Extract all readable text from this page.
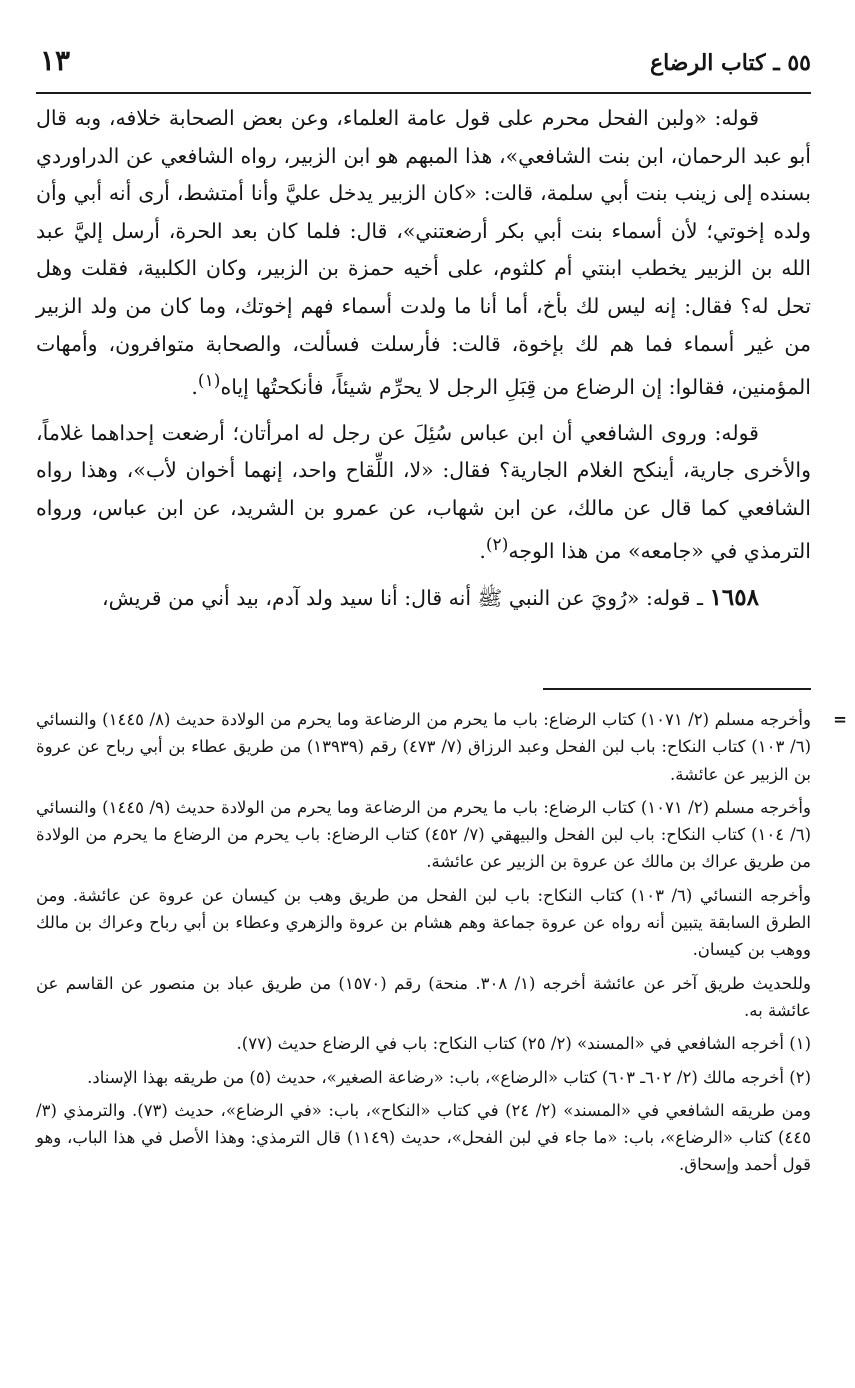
١٣	٥٥ ـ كتاب الرضاع

قوله: «ولبن الفحل محرم على قول عامة العلماء، وعن بعض الصحابة خلافه، وبه قال أبو عبد الرحمان، ابن بنت الشافعي»، هذا المبهم هو ابن الزبير، رواه الشافعي عن الدراوردي بسنده إلى زينب بنت أبي سلمة، قالت: «كان الزبير يدخل عليَّ وأنا أمتشط، أرى أنه أبي وأن ولده إخوتي؛ لأن أسماء بنت أبي بكر أرضعتني»، قال: فلما كان بعد الحرة، أرسل إليَّ عبد الله بن الزبير يخطب ابنتي أم كلثوم، على أخيه حمزة بن الزبير، وكان الكلبية، فقلت وهل تحل له؟ فقال: إنه ليس لك بأخ، أما أنا ما ولدت أسماء فهم إخوتك، وما كان من ولد الزبير من غير أسماء فما هم لك بإخوة، قالت: فأرسلت فسألت، والصحابة متوافرون، وأمهات المؤمنين، فقالوا: إن الرضاع من قِبَلِ الرجل لا يحرِّم شيئاً، فأنكحتُها إياه$^{(١)}$.

قوله: وروى الشافعي أن ابن عباس سُئِلَ عن رجل له امرأتان؛ أرضعت إحداهما غلاماً، والأخرى جارية، أينكح الغلام الجارية؟ فقال: «لا، اللِّقاح واحد، إنهما أخوان لأب»، وهذا رواه الشافعي كما قال عن مالك، عن ابن شهاب، عن عمرو بن الشريد، عن ابن عباس، ورواه الترمذي في «جامعه» من هذا الوجه$^{(٢)}$.

١٦٥٨ ـ قوله: «رُويَ عن النبي ﷺ أنه قال: أنا سيد ولد آدم، بيد أني من قريش،

=

وأخرجه مسلم (٢/ ١٠٧١) كتاب الرضاع: باب ما يحرم من الرضاعة وما يحرم من الولادة حديث (٨/ ١٤٤٥) والنسائي (٦/ ١٠٣) كتاب النكاح: باب لبن الفحل وعبد الرزاق (٧/ ٤٧٣) رقم (١٣٩٣٩) من طريق عطاء بن أبي رباح عن عروة بن الزبير عن عائشة.

وأخرجه مسلم (٢/ ١٠٧١) كتاب الرضاع: باب ما يحرم من الرضاعة وما يحرم من الولادة حديث (٩/ ١٤٤٥) والنسائي (٦/ ١٠٤) كتاب النكاح: باب لبن الفحل والبيهقي (٧/ ٤٥٢) كتاب الرضاع: باب يحرم من الرضاع ما يحرم من الولادة من طريق عراك بن مالك عن عروة بن الزبير عن عائشة.

وأخرجه النسائي (٦/ ١٠٣) كتاب النكاح: باب لبن الفحل من طريق وهب بن كيسان عن عروة عن عائشة. ومن الطرق السابقة يتبين أنه رواه عن عروة جماعة وهم هشام بن عروة والزهري وعطاء بن أبي رباح وعراك بن مالك ووهب بن كيسان.

وللحديث طريق آخر عن عائشة أخرجه (١/ ٣٠٨. منحة) رقم (١٥٧٠) من طريق عباد بن منصور عن القاسم عن عائشة به.

(١) أخرجه الشافعي في «المسند» (٢/ ٢٥) كتاب النكاح: باب في الرضاع حديث (٧٧).

(٢) أخرجه مالك (٢/ ٦٠٢ـ ٦٠٣) كتاب «الرضاع»، باب: «رضاعة الصغير»، حديث (٥) من طريقه بهذا الإسناد.

ومن طريقه الشافعي في «المسند» (٢/ ٢٤) في كتاب «النكاح»، باب: «في الرضاع»، حديث (٧٣). والترمذي (٣/ ٤٤٥) كتاب «الرضاع»، باب: «ما جاء في لبن الفحل»، حديث (١١٤٩) قال الترمذي: وهذا الأصل في هذا الباب، وهو قول أحمد وإسحاق.
